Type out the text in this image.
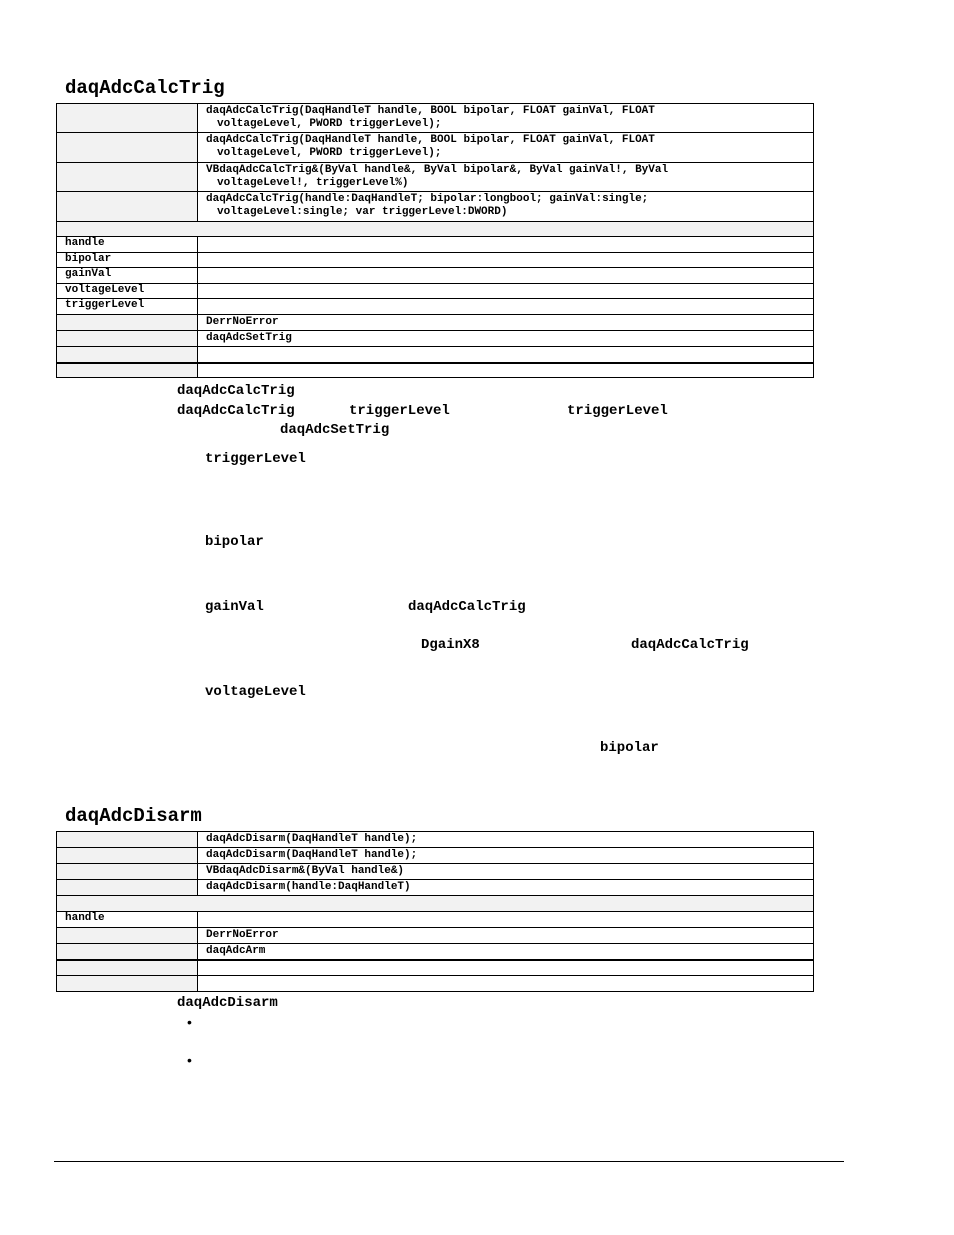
daqAdcCalcTrig
	daqAdcCalcTrig(DaqHandleT handle, BOOL bipolar, FLOAT gainVal, FLOAT
voltageLevel, PWORD triggerLevel);

	daqAdcCalcTrig(DaqHandleT handle, BOOL bipolar, FLOAT gainVal, FLOAT
voltageLevel, PWORD triggerLevel);

	VBdaqAdcCalcTrig&(ByVal handle&, ByVal bipolar&, ByVal gainVal!, ByVal
voltageLevel!, triggerLevel%)

	daqAdcCalcTrig(handle:DaqHandleT; bipolar:longbool; gainVal:single;
voltageLevel:single; var triggerLevel:DWORD)

handle	
bipolar	
gainVal	
voltageLevel	
triggerLevel	
	DerrNoError
	daqAdcSetTrig

daqAdcCalcTrig
daqAdcCalcTrig	triggerLevel	triggerLevel
daqAdcSetTrig
triggerLevel
bipolar
gainVal	daqAdcCalcTrig
DgainX8	daqAdcCalcTrig
voltageLevel
bipolar
daqAdcDisarm
	daqAdcDisarm(DaqHandleT handle);
	daqAdcDisarm(DaqHandleT handle);
	VBdaqAdcDisarm&(ByVal handle&)
	daqAdcDisarm(handle:DaqHandleT)

handle	
	DerrNoError
	daqAdcArm

daqAdcDisarm
•
•
